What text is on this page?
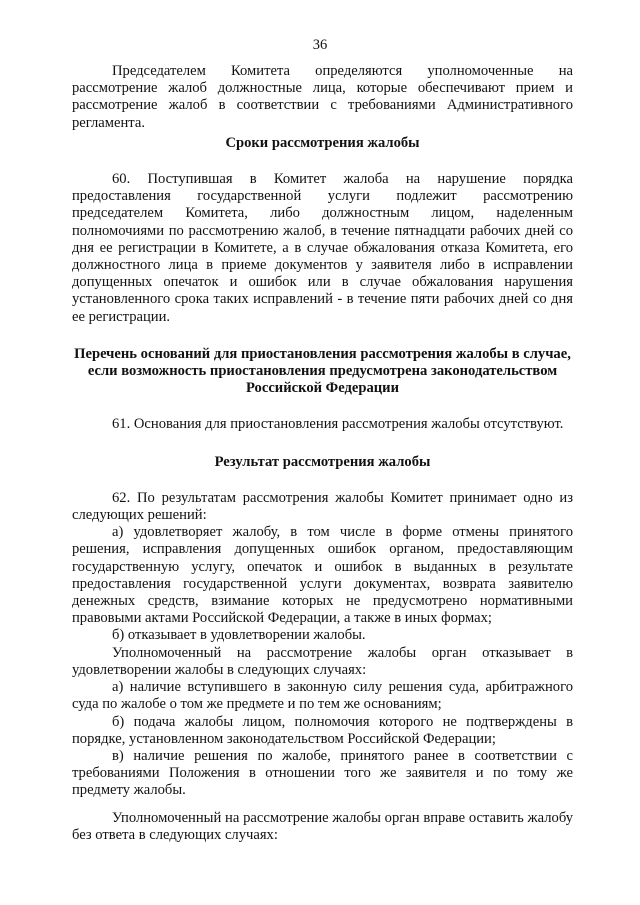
36

Председателем Комитета определяются уполномоченные на рассмотрение жалоб должностные лица, которые обеспечивают прием и рассмотрение жалоб в соответствии с требованиями Административного регламента.

Сроки рассмотрения жалобы

60. Поступившая в Комитет жалоба на нарушение порядка предоставления государственной услуги подлежит рассмотрению председателем Комитета, либо должностным лицом, наделенным полномочиями по рассмотрению жалоб, в течение пятнадцати рабочих дней со дня ее регистрации в Комитете, а в случае обжалования отказа Комитета, его должностного лица в приеме документов у заявителя либо в исправлении допущенных опечаток и ошибок или в случае обжалования нарушения установленного срока таких исправлений - в течение пяти рабочих дней со дня ее регистрации.

Перечень оснований для приостановления рассмотрения жалобы в случае, если возможность приостановления предусмотрена законодательством Российской Федерации

61. Основания для приостановления рассмотрения жалобы отсутствуют.

Результат рассмотрения жалобы

62. По результатам рассмотрения жалобы Комитет принимает одно из следующих решений:

а) удовлетворяет жалобу, в том числе в форме отмены принятого решения, исправления допущенных ошибок органом, предоставляющим государственную услугу, опечаток и ошибок в выданных в результате предоставления государственной услуги документах, возврата заявителю денежных средств, взимание которых не предусмотрено нормативными правовыми актами Российской Федерации, а также в иных формах;

б) отказывает в удовлетворении жалобы.

Уполномоченный на рассмотрение жалобы орган отказывает в удовлетворении жалобы в следующих случаях:

а) наличие вступившего в законную силу решения суда, арбитражного суда по жалобе о том же предмете и по тем же основаниям;

б) подача жалобы лицом, полномочия которого не подтверждены в порядке, установленном законодательством Российской Федерации;

в) наличие решения по жалобе, принятого ранее в соответствии с требованиями Положения в отношении того же заявителя и по тому же предмету жалобы.

Уполномоченный на рассмотрение жалобы орган вправе оставить жалобу без ответа в следующих случаях:
